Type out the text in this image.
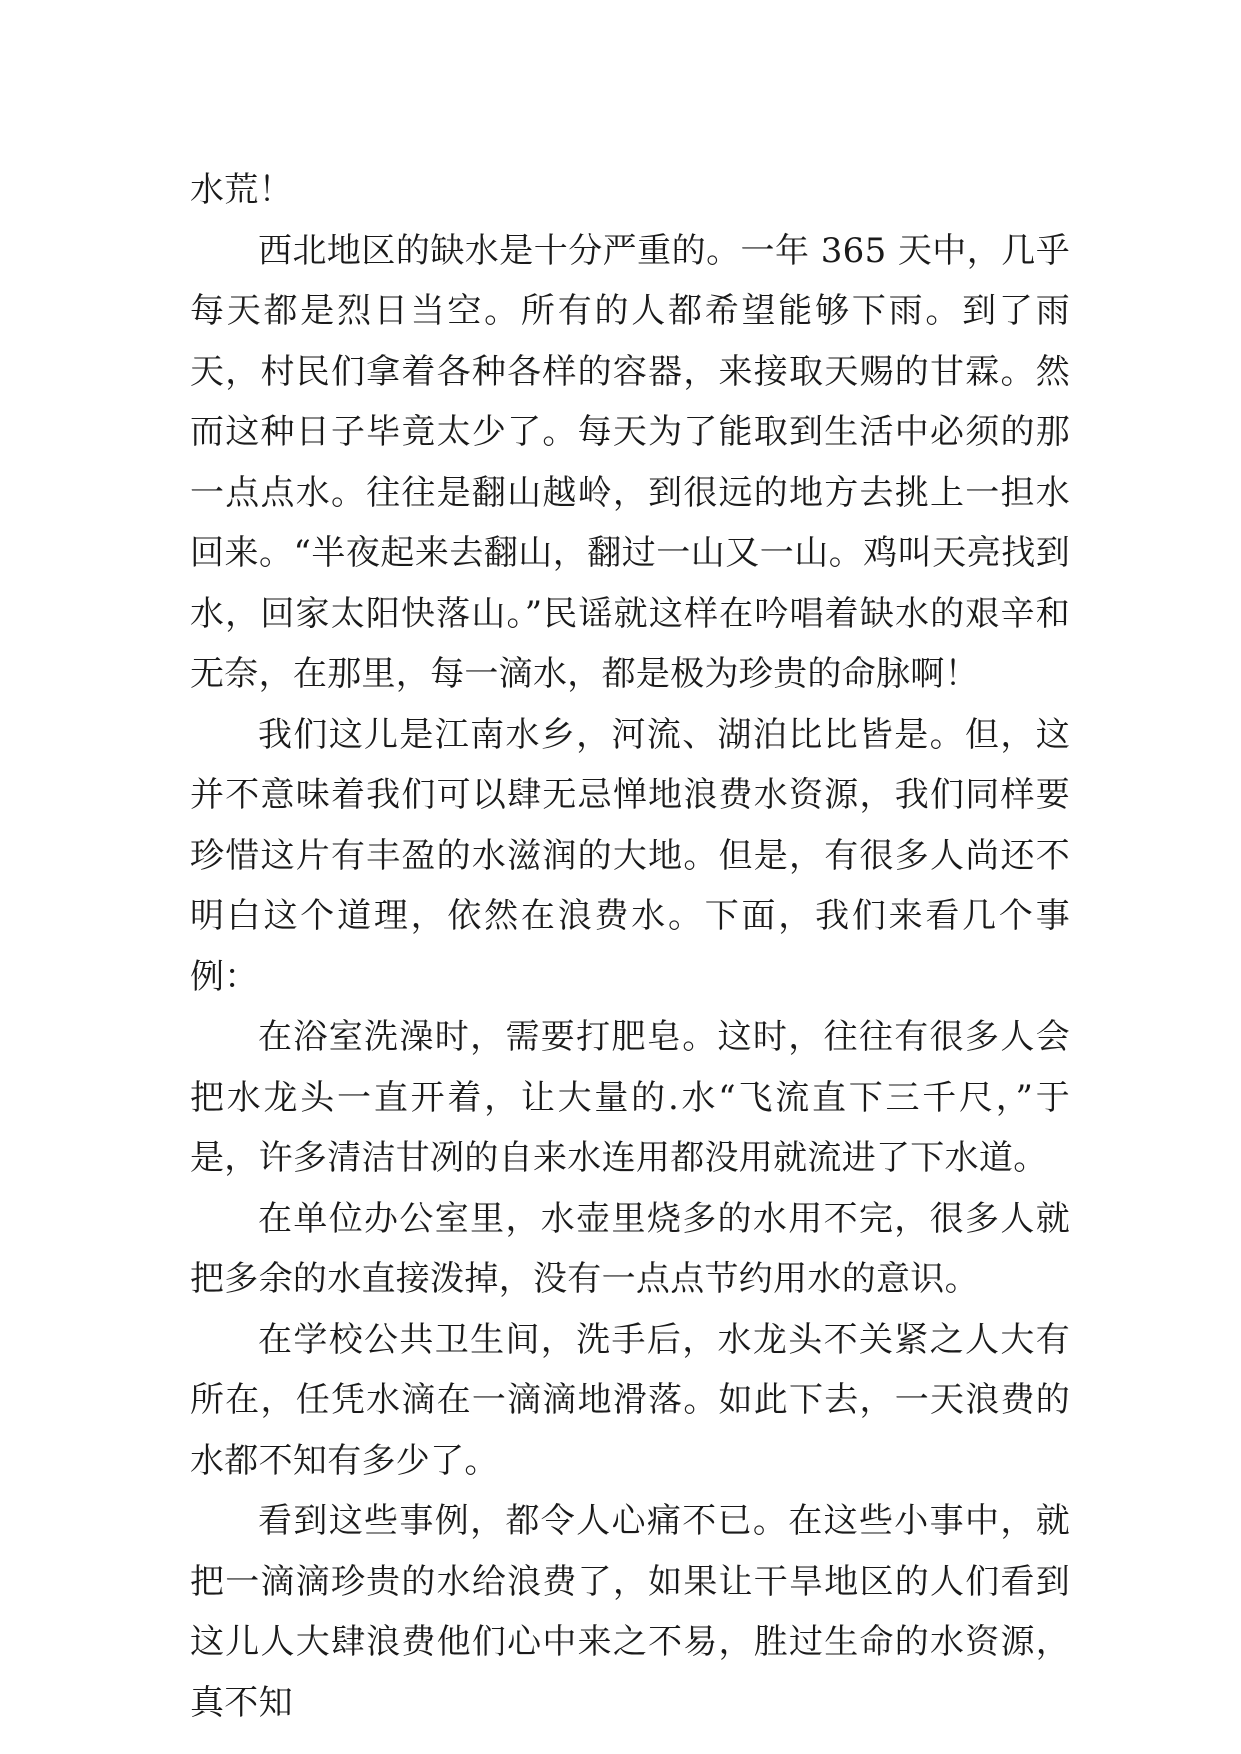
水荒！

西北地区的缺水是十分严重的。一年 365 天中，几乎每天都是烈日当空。所有的人都希望能够下雨。到了雨天，村民们拿着各种各样的容器，来接取天赐的甘霖。然而这种日子毕竟太少了。每天为了能取到生活中必须的那一点点水。往往是翻山越岭，到很远的地方去挑上一担水回来。“半夜起来去翻山，翻过一山又一山。鸡叫天亮找到水，回家太阳快落山。”民谣就这样在吟唱着缺水的艰辛和无奈，在那里，每一滴水，都是极为珍贵的命脉啊！

我们这儿是江南水乡，河流、湖泊比比皆是。但，这并不意味着我们可以肆无忌惮地浪费水资源，我们同样要珍惜这片有丰盈的水滋润的大地。但是，有很多人尚还不明白这个道理，依然在浪费水。下面，我们来看几个事例：

在浴室洗澡时，需要打肥皂。这时，往往有很多人会把水龙头一直开着，让大量的.水“飞流直下三千尺，”于是，许多清洁甘冽的自来水连用都没用就流进了下水道。

在单位办公室里，水壶里烧多的水用不完，很多人就把多余的水直接泼掉，没有一点点节约用水的意识。

在学校公共卫生间，洗手后，水龙头不关紧之人大有所在，任凭水滴在一滴滴地滑落。如此下去，一天浪费的水都不知有多少了。

看到这些事例，都令人心痛不已。在这些小事中，就把一滴滴珍贵的水给浪费了，如果让干旱地区的人们看到这儿人大肆浪费他们心中来之不易，胜过生命的水资源，真不知
